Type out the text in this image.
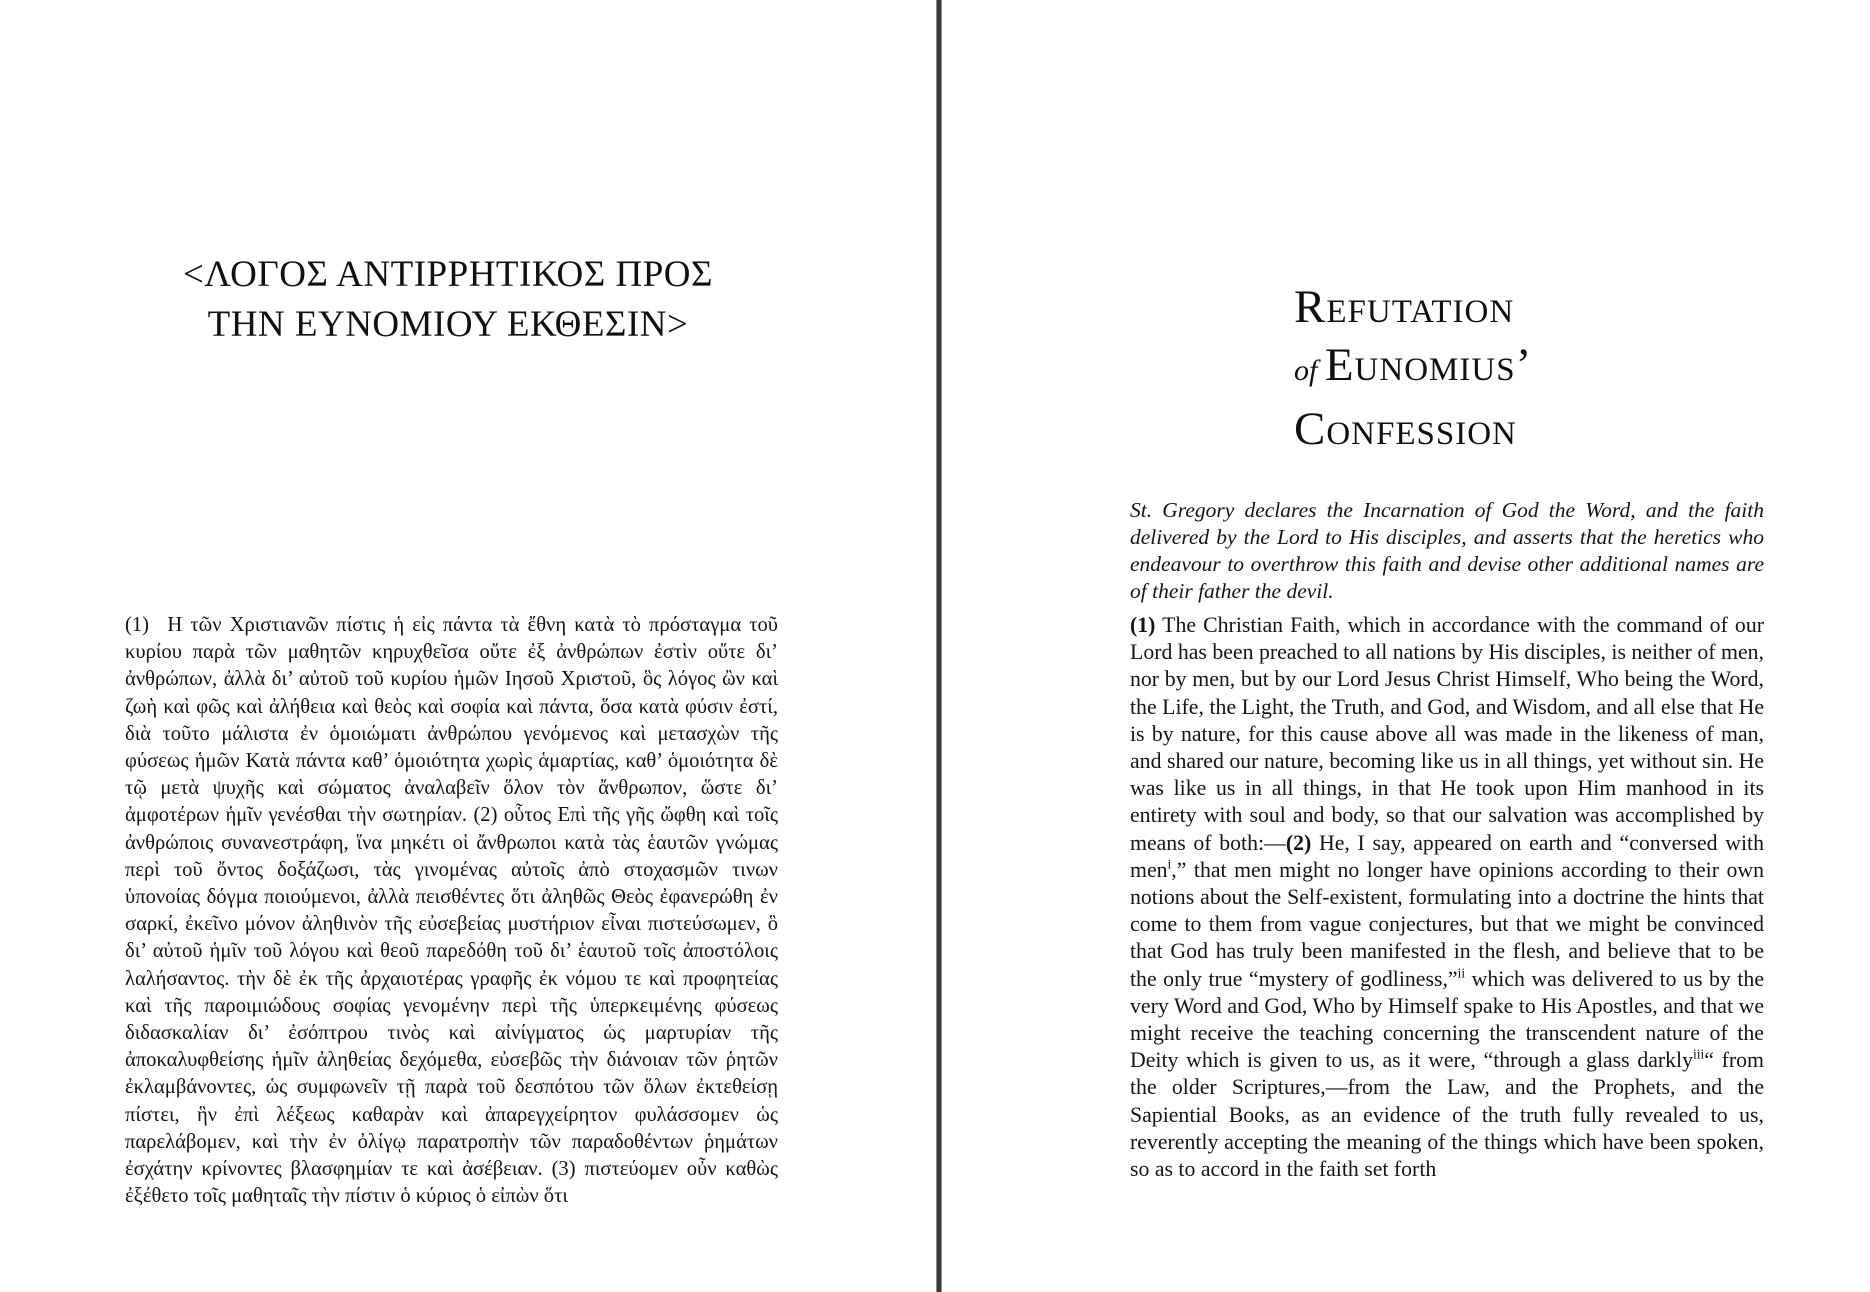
<ΛΟΓΟΣ ΑΝΤΙΡΡΗΤΙΚΟΣ ΠΡΟΣ
ΤΗΝ ΕΥΝΟΜΙΟΥ ΕΚΘΕΣΙΝ>

(1)  Η τῶν Χριστιανῶν πίστις ἡ εἰς πάντα τὰ ἔθνη κατὰ τὸ πρόσταγμα τοῦ κυρίου παρὰ τῶν μαθητῶν κηρυχθεῖσα οὔτε ἐξ ἀνθρώπων ἐστὶν οὔτε δι’ ἀνθρώπων, ἀλλὰ δι’ αὐτοῦ τοῦ κυρίου ἡμῶν Ιησοῦ Χριστοῦ, ὃς λόγος ὢν καὶ ζωὴ καὶ φῶς καὶ ἀλήθεια καὶ θεὸς καὶ σοφία καὶ πάντα, ὅσα κατὰ φύσιν ἐστί, διὰ τοῦτο μάλιστα ἐν ὁμοιώματι ἀνθρώπου γενόμενος καὶ μετασχὼν τῆς φύσεως ἡμῶν Κατὰ πάντα καθ’ ὁμοιότητα χωρὶς ἁμαρτίας, καθ’ ὁμοιότητα δὲ τῷ μετὰ ψυχῆς καὶ σώματος ἀναλαβεῖν ὅλον τὸν ἄνθρωπον, ὥστε δι’ ἀμφοτέρων ἡμῖν γενέσθαι τὴν σωτηρίαν. (2) οὗτος Επὶ τῆς γῆς ὤφθη καὶ τοῖς ἀνθρώποις συνανεστράφη, ἵνα μηκέτι οἱ ἄνθρωποι κατὰ τὰς ἑαυτῶν γνώμας περὶ τοῦ ὄντος δοξάζωσι, τὰς γινομένας αὐτοῖς ἀπὸ στοχασμῶν τινων ὑπονοίας δόγμα ποιούμενοι, ἀλλὰ πεισθέντες ὅτι ἀληθῶς Θεὸς ἐφανερώθη ἐν σαρκί, ἐκεῖνο μόνον ἀληθινὸν τῆς εὐσεβείας μυστήριον εἶναι πιστεύσωμεν, ὃ δι’ αὐτοῦ ἡμῖν τοῦ λόγου καὶ θεοῦ παρεδόθη τοῦ δι’ ἑαυτοῦ τοῖς ἀποστόλοις λαλήσαντος. τὴν δὲ ἐκ τῆς ἀρχαιοτέρας γραφῆς ἐκ νόμου τε καὶ προφητείας καὶ τῆς παροιμιώδους σοφίας γενομένην περὶ τῆς ὑπερκειμένης φύσεως διδασκαλίαν δι’ ἐσόπτρου τινὸς καὶ αἰνίγματος ὡς μαρτυρίαν τῆς ἀποκαλυφθείσης ἡμῖν ἀληθείας δεχόμεθα, εὐσεβῶς τὴν διάνοιαν τῶν ῥητῶν ἐκλαμβάνοντες, ὡς συμφωνεῖν τῇ παρὰ τοῦ δεσπότου τῶν ὅλων ἐκτεθείσῃ πίστει, ἣν ἐπὶ λέξεως καθαρὰν καὶ ἀπαρεγχείρητον φυλάσσομεν ὡς παρελάβομεν, καὶ τὴν ἐν ὀλίγῳ παρατροπὴν τῶν παραδοθέντων ῥημάτων ἐσχάτην κρίνοντες βλασφημίαν τε καὶ ἀσέβειαν. (3) πιστεύομεν οὖν καθὼς ἐξέθετο τοῖς μαθηταῖς τὴν πίστιν ὁ κύριος ὁ εἰπὼν ὅτι

Refutation
of Eunomius’
Confession

St. Gregory declares the Incarnation of God the Word, and the faith delivered by the Lord to His disciples, and asserts that the heretics who endeavour to overthrow this faith and devise other additional names are of their father the devil.

(1) The Christian Faith, which in accordance with the command of our Lord has been preached to all nations by His disciples, is neither of men, nor by men, but by our Lord Jesus Christ Himself, Who being the Word, the Life, the Light, the Truth, and God, and Wisdom, and all else that He is by nature, for this cause above all was made in the likeness of man, and shared our nature, becoming like us in all things, yet without sin. He was like us in all things, in that He took upon Him manhood in its entirety with soul and body, so that our salvation was accomplished by means of both:—(2) He, I say, appeared on earth and “conversed with men$^i$,” that men might no longer have opinions according to their own notions about the Self-existent, formulating into a doctrine the hints that come to them from vague conjectures, but that we might be convinced that God has truly been manifested in the flesh, and believe that to be the only true “mystery of godliness,”$^{ii}$ which was delivered to us by the very Word and God, Who by Himself spake to His Apostles, and that we might receive the teaching concerning the transcendent nature of the Deity which is given to us, as it were, “through a glass darkly$^{iii}$“ from the older Scriptures,—from the Law, and the Prophets, and the Sapiential Books, as an evidence of the truth fully revealed to us, reverently accepting the meaning of the things which have been spoken, so as to accord in the faith set forth
